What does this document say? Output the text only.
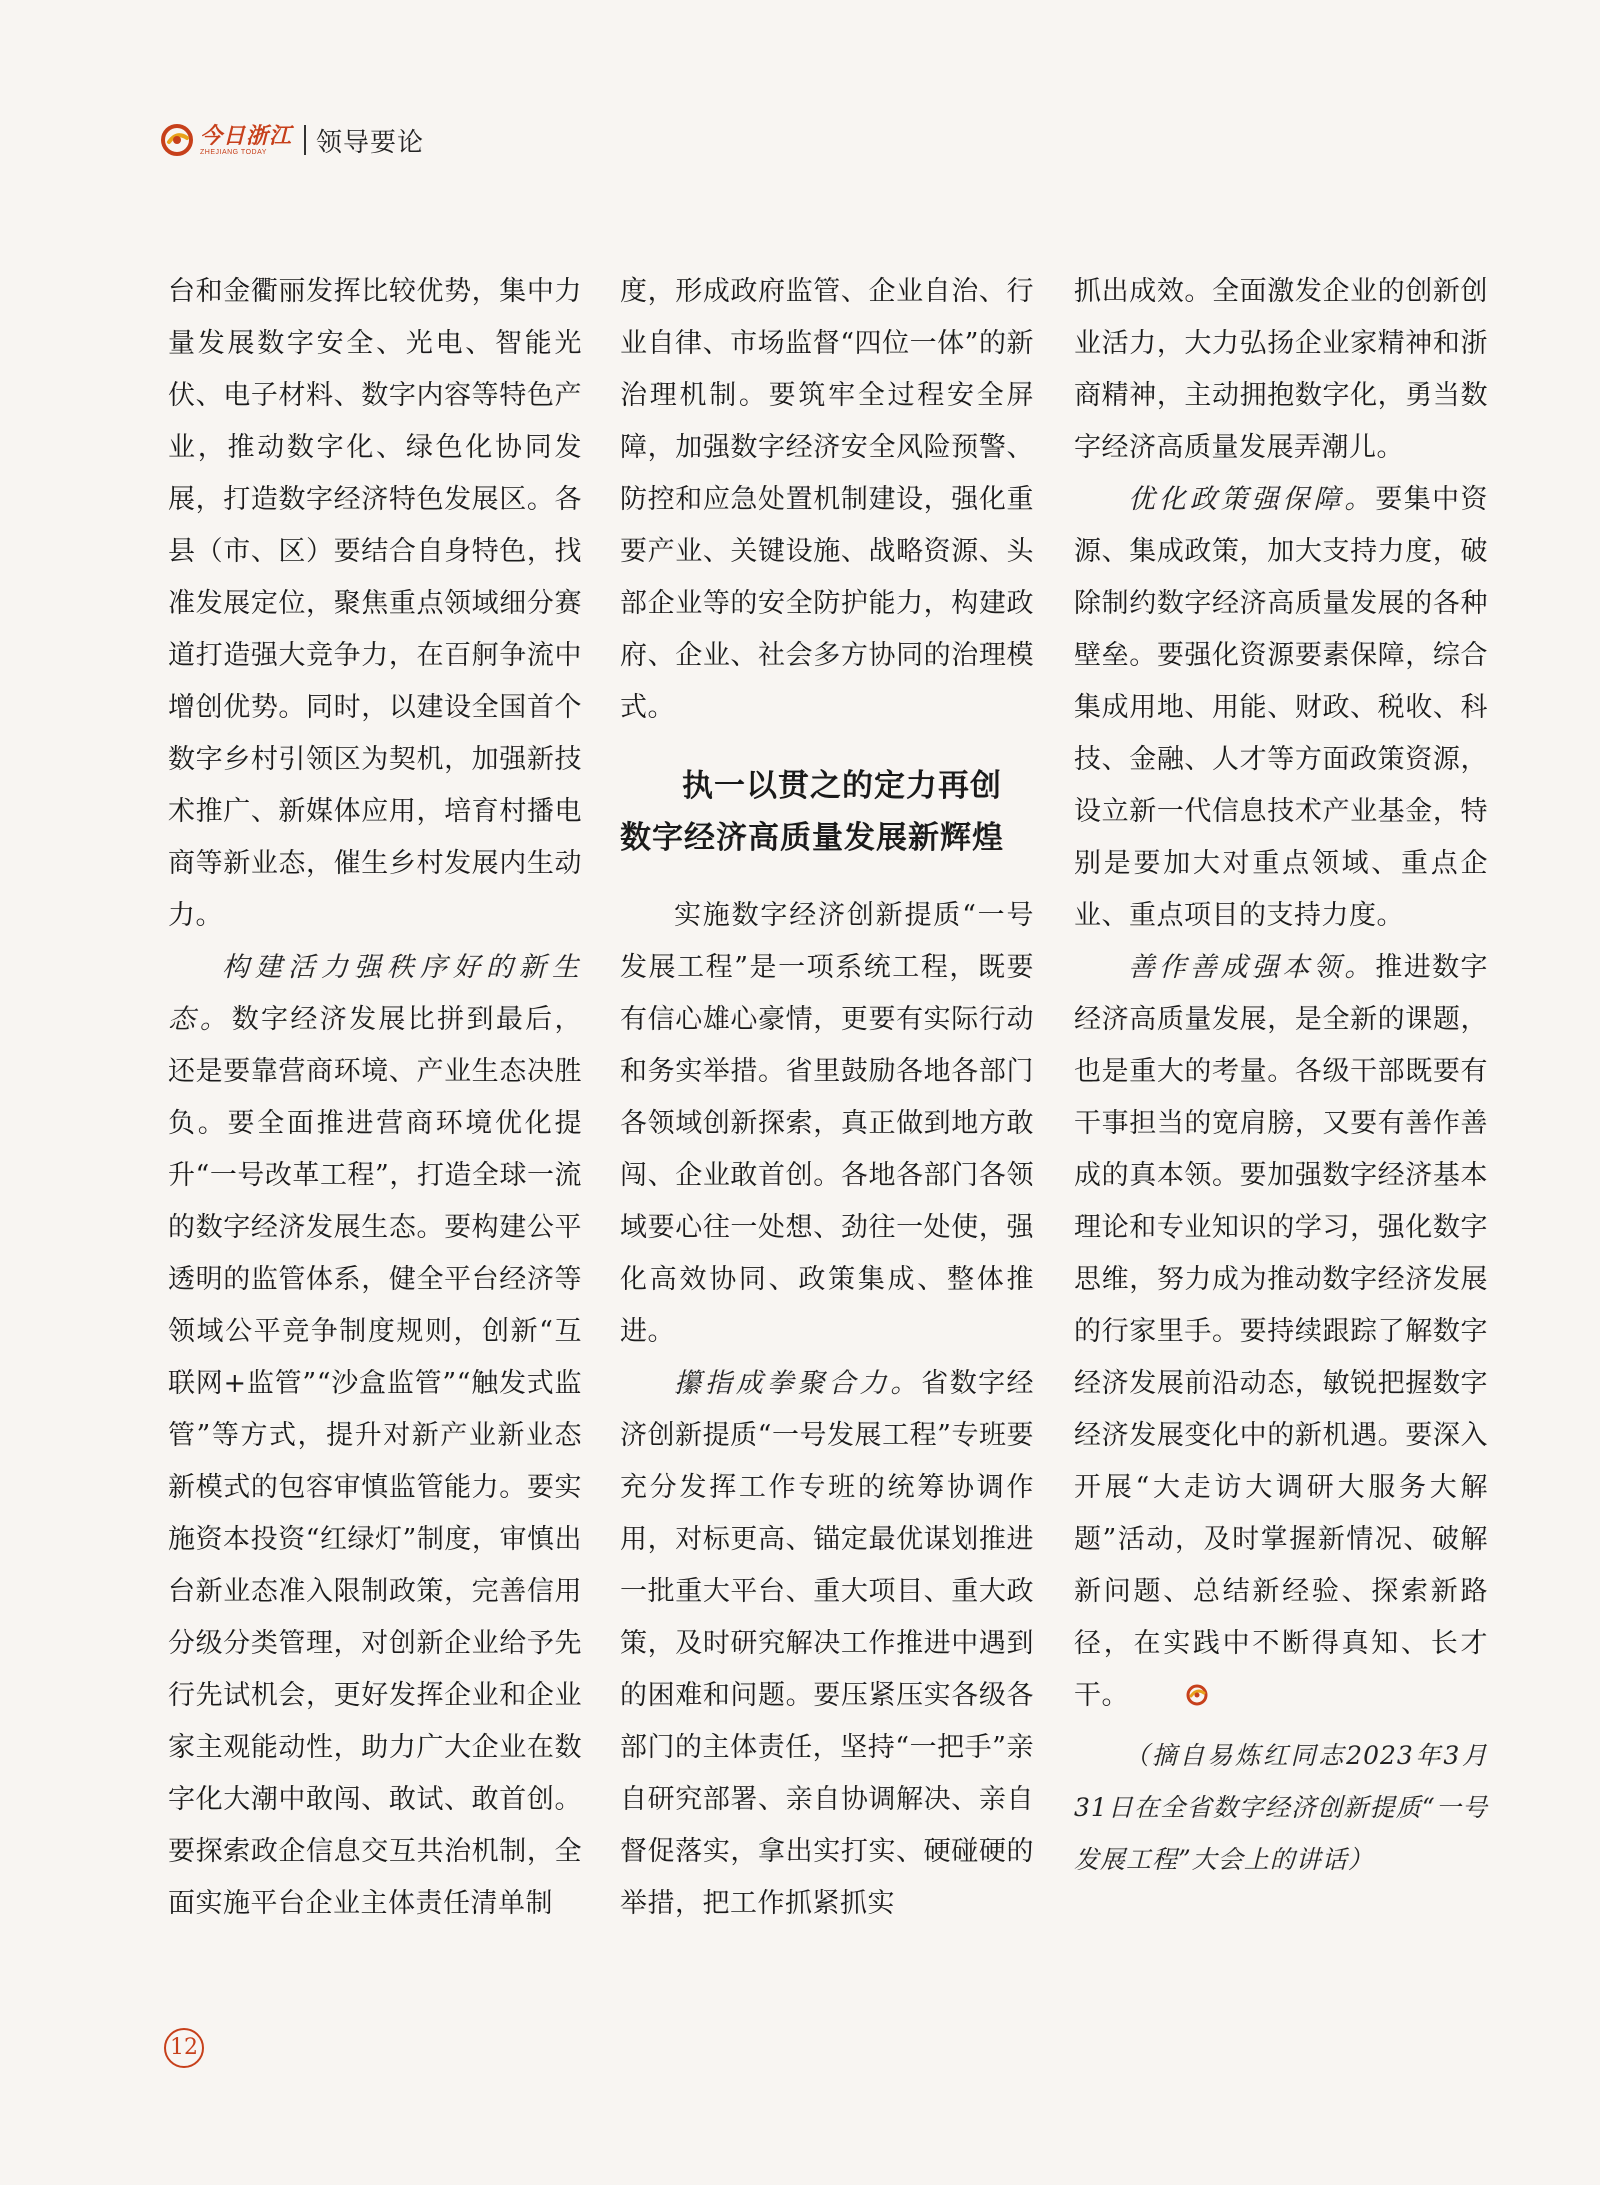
今日浙江
ZHEJIANG TODAY	领导要论

台和金衢丽发挥比较优势，集中力量发展数字安全、光电、智能光伏、电子材料、数字内容等特色产业，推动数字化、绿色化协同发展，打造数字经济特色发展区。各县（市、区）要结合自身特色，找准发展定位，聚焦重点领域细分赛道打造强大竞争力，在百舸争流中增创优势。同时，以建设全国首个数字乡村引领区为契机，加强新技术推广、新媒体应用，培育村播电商等新业态，催生乡村发展内生动力。

构建活力强秩序好的新生态。数字经济发展比拼到最后，还是要靠营商环境、产业生态决胜负。要全面推进营商环境优化提升“一号改革工程”，打造全球一流的数字经济发展生态。要构建公平透明的监管体系，健全平台经济等领域公平竞争制度规则，创新“互联网+监管”“沙盒监管”“触发式监管”等方式，提升对新产业新业态新模式的包容审慎监管能力。要实施资本投资“红绿灯”制度，审慎出台新业态准入限制政策，完善信用分级分类管理，对创新企业给予先行先试机会，更好发挥企业和企业家主观能动性，助力广大企业在数字化大潮中敢闯、敢试、敢首创。要探索政企信息交互共治机制，全面实施平台企业主体责任清单制

度，形成政府监管、企业自治、行业自律、市场监督“四位一体”的新治理机制。要筑牢全过程安全屏障，加强数字经济安全风险预警、防控和应急处置机制建设，强化重要产业、关键设施、战略资源、头部企业等的安全防护能力，构建政府、企业、社会多方协同的治理模式。

执一以贯之的定力再创

数字经济高质量发展新辉煌

实施数字经济创新提质“一号发展工程”是一项系统工程，既要有信心雄心豪情，更要有实际行动和务实举措。省里鼓励各地各部门各领域创新探索，真正做到地方敢闯、企业敢首创。各地各部门各领域要心往一处想、劲往一处使，强化高效协同、政策集成、整体推进。

攥指成拳聚合力。省数字经济创新提质“一号发展工程”专班要充分发挥工作专班的统筹协调作用，对标更高、锚定最优谋划推进一批重大平台、重大项目、重大政策，及时研究解决工作推进中遇到的困难和问题。要压紧压实各级各部门的主体责任，坚持“一把手”亲自研究部署、亲自协调解决、亲自督促落实，拿出实打实、硬碰硬的举措，把工作抓紧抓实

抓出成效。全面激发企业的创新创业活力，大力弘扬企业家精神和浙商精神，主动拥抱数字化，勇当数字经济高质量发展弄潮儿。

优化政策强保障。要集中资源、集成政策，加大支持力度，破除制约数字经济高质量发展的各种壁垒。要强化资源要素保障，综合集成用地、用能、财政、税收、科技、金融、人才等方面政策资源，设立新一代信息技术产业基金，特别是要加大对重点领域、重点企业、重点项目的支持力度。

善作善成强本领。推进数字经济高质量发展，是全新的课题，也是重大的考量。各级干部既要有干事担当的宽肩膀，又要有善作善成的真本领。要加强数字经济基本理论和专业知识的学习，强化数字思维，努力成为推动数字经济发展的行家里手。要持续跟踪了解数字经济发展前沿动态，敏锐把握数字经济发展变化中的新机遇。要深入开展“大走访大调研大服务大解题”活动，及时掌握新情况、破解新问题、总结新经验、探索新路径，在实践中不断得真知、长才干。

（摘自易炼红同志2023年3月31日在全省数字经济创新提质“一号发展工程”大会上的讲话）

12
